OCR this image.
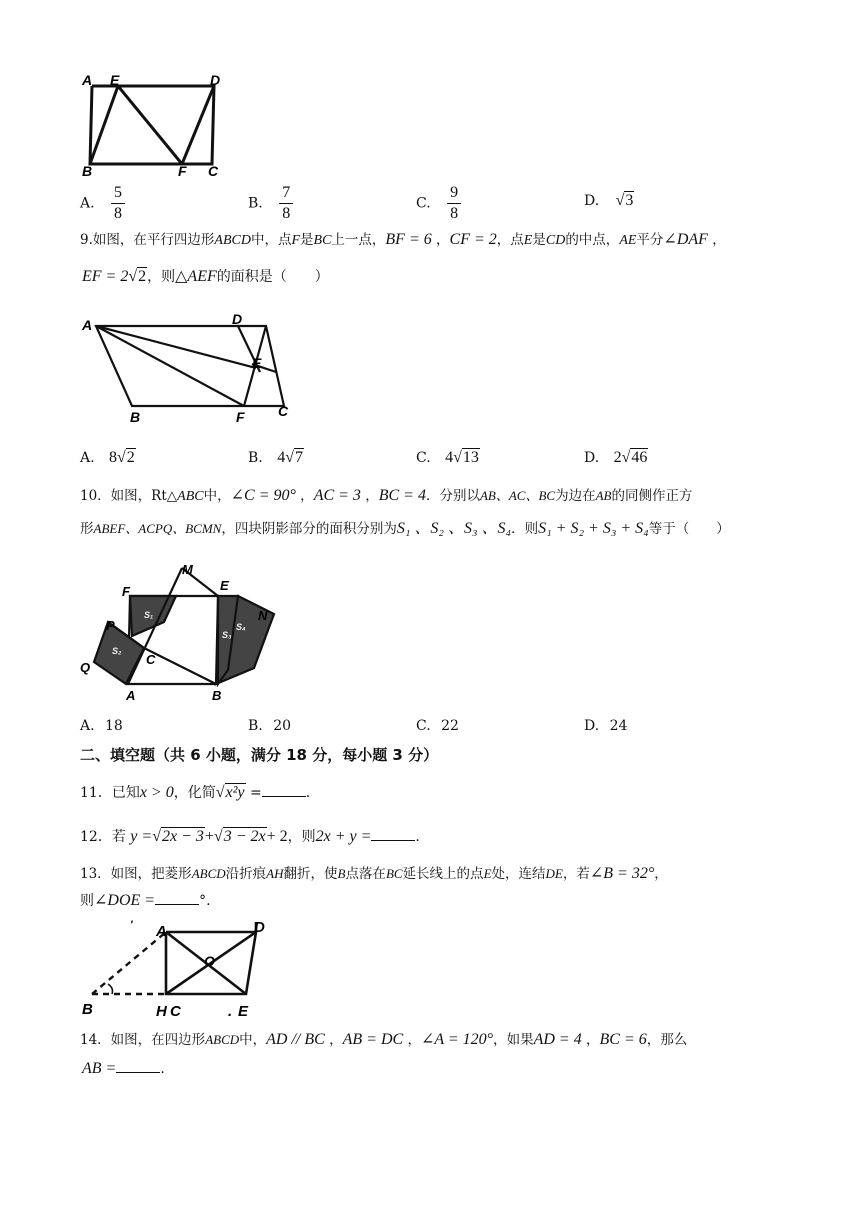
A E	D
B	F C
A. $\frac{5}{8}$	B. $\frac{7}{8}$	C. $\frac{9}{8}$	D. √3
9.如图，在平行四边形ABCD中，点F是BC上一点，BF = 6 ，CF = 2，点E是CD的中点，AE平分∠DAF ，
EF = 2√2，则△AEF的面积是（　　）
A	D
E
B	F C
A. 8√2	B. 4√7	C. 4√13	D. 2√46
10．如图，Rt△ABC中，∠C = 90° ，AC = 3 ，BC = 4．分别以AB、AC、BC为边在AB的同侧作正方
形ABEF、ACPQ、BCMN，四块阴影部分的面积分别为S₁ 、S₂ 、S₃ 、S₄．则S₁ + S₂ + S₃ + S₄等于（　　）
M
E
F
N
P
Q
C
A	B
S₁
S₂
S₃
S₄
A. 18	B. 20	C. 22	D. 24
二、填空题（共 6 小题，满分 18 分，每小题 3 分）
11．已知x > 0，化简√x²y =	.
12．若 y =√2x − 3+√3 − 2x+ 2，则2x + y =	.
13．如图，把菱形ABCD沿折痕AH翻折，使B点落在BC延长线上的点E处，连结DE，若∠B = 32°，
则∠DOE =	°.
' A	D
O
B	H C	. E
14．如图，在四边形ABCD中，AD // BC ，AB = DC ，∠A = 120°，如果AD = 4 ，BC = 6，那么
AB =	.
